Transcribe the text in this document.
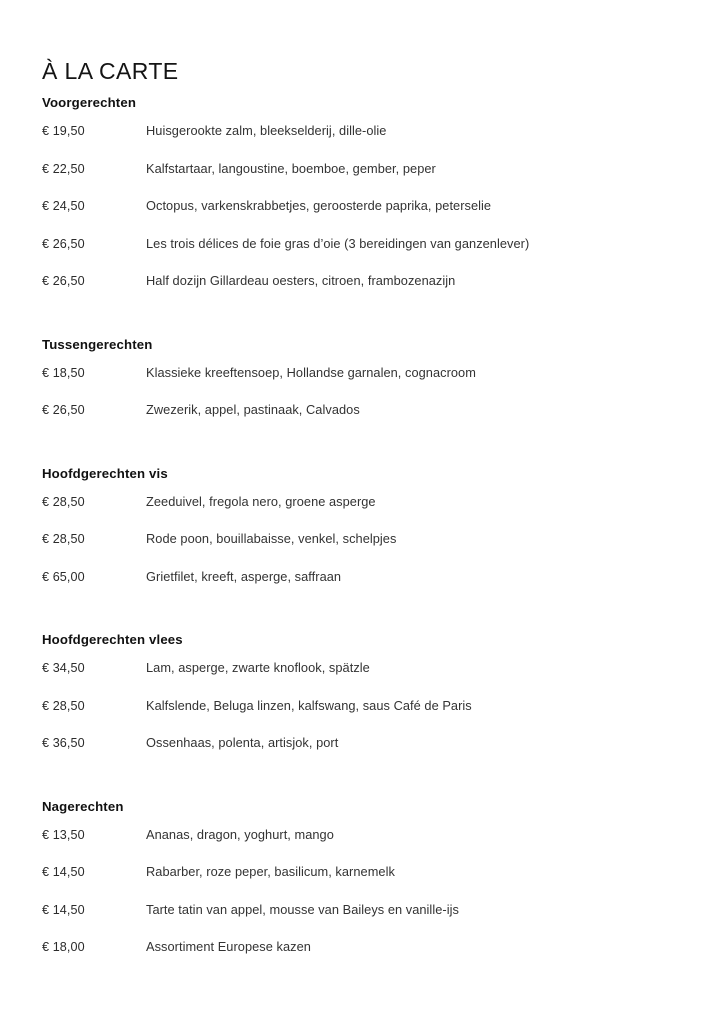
À LA CARTE
Voorgerechten
€ 19,50	Huisgerookte zalm, bleekselderij, dille-olie
€ 22,50	Kalfstartaar, langoustine, boemboe, gember, peper
€ 24,50	Octopus, varkenskrabbetjes, geroosterde paprika, peterselie
€ 26,50	Les trois délices de foie gras d’oie (3 bereidingen van ganzenlever)
€ 26,50	Half dozijn Gillardeau oesters, citroen, frambozenazijn
Tussengerechten
€ 18,50	Klassieke kreeftensoep, Hollandse garnalen, cognacroom
€ 26,50	Zwezerik, appel, pastinaak, Calvados
Hoofdgerechten vis
€ 28,50	Zeeduivel, fregola nero, groene asperge
€ 28,50	Rode poon, bouillabaisse, venkel, schelpjes
€ 65,00	Grietfilet, kreeft, asperge, saffraan
Hoofdgerechten vlees
€ 34,50	Lam, asperge, zwarte knoflook, spätzle
€ 28,50	Kalfslende, Beluga linzen, kalfswang, saus Café de Paris
€ 36,50	Ossenhaas, polenta, artisjok, port
Nagerechten
€ 13,50	Ananas, dragon, yoghurt, mango
€ 14,50	Rabarber, roze peper, basilicum, karnemelk
€ 14,50	Tarte tatin van appel, mousse van Baileys en vanille-ijs
€ 18,00	Assortiment Europese kazen
